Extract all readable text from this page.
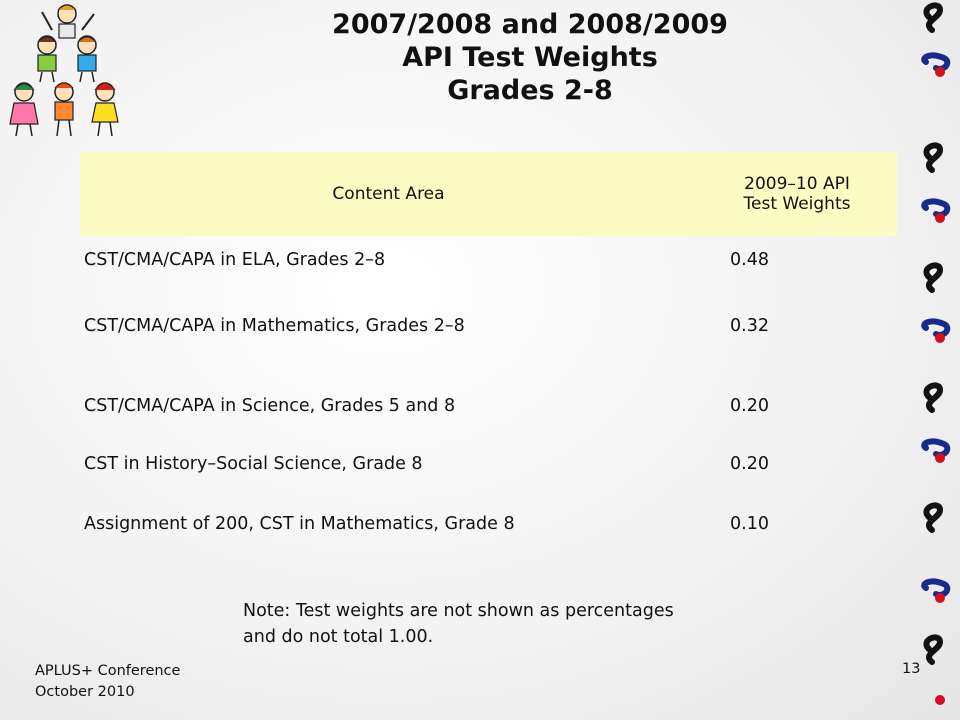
2007/2008 and 2008/2009
API Test Weights
Grades 2-8
Content Area	2009–10 API
Test Weights

CST/CMA/CAPA in ELA, Grades 2–8	0.48
CST/CMA/CAPA in Mathematics, Grades 2–8	0.32
CST/CMA/CAPA in Science, Grades 5 and 8	0.20
CST in History–Social Science, Grade 8	0.20
Assignment of 200, CST in Mathematics, Grade 8	0.10
Note: Test weights are not shown as percentages
and do not total 1.00.
APLUS+ Conference
October 2010
13
